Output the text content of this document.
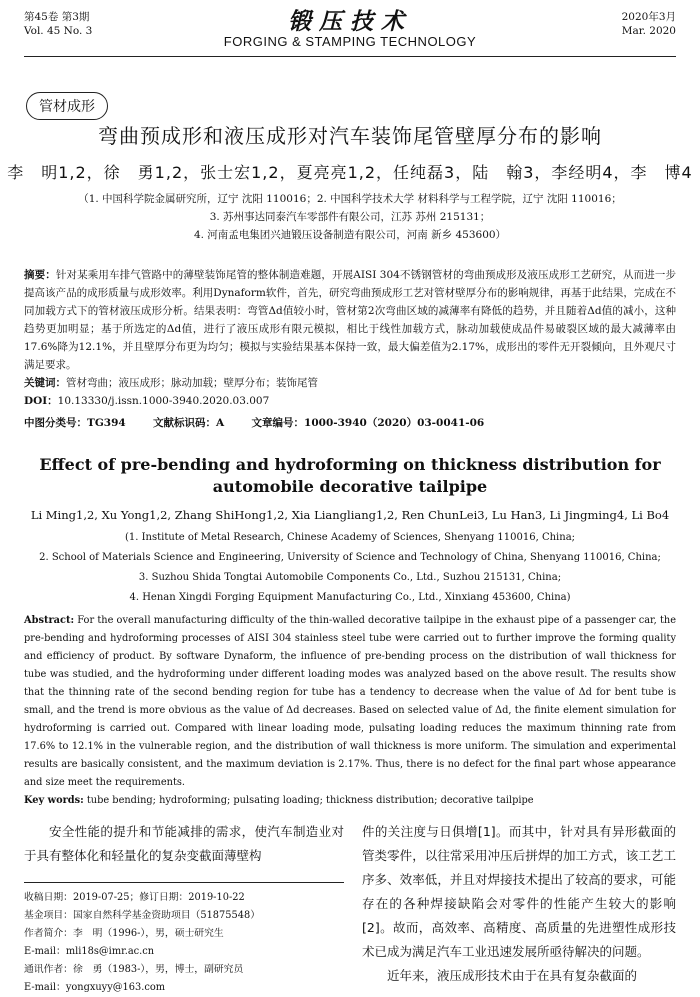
第45卷 第3期
Vol. 45 No. 3	锻压技术
FORGING & STAMPING TECHNOLOGY
2020年3月
Mar. 2020
管材成形
弯曲预成形和液压成形对汽车装饰尾管壁厚分布的影响
李　明1,2，徐　勇1,2，张士宏1,2，夏亮亮1,2，任纯磊3，陆　翰3，李经明4，李　博4
（1. 中国科学院金属研究所，辽宁 沈阳 110016；2. 中国科学技术大学 材料科学与工程学院，辽宁 沈阳 110016；
3. 苏州事达同泰汽车零部件有限公司，江苏 苏州 215131；
4. 河南孟电集团兴迪锻压设备制造有限公司，河南 新乡 453600）
摘要：针对某乘用车排气管路中的薄壁装饰尾管的整体制造难题，开展AISI 304不锈钢管材的弯曲预成形及液压成形工艺研究，从而进一步提高该产品的成形质量与成形效率。利用Dynaform软件，首先，研究弯曲预成形工艺对管材壁厚分布的影响规律，再基于此结果，完成在不同加载方式下的管材液压成形分析。结果表明：弯管Δd值较小时，管材第2次弯曲区域的减薄率有降低的趋势，并且随着Δd值的减小，这种趋势更加明显；基于所选定的Δd值，进行了液压成形有限元模拟，相比于线性加载方式，脉动加载使成品件易破裂区域的最大减薄率由17.6%降为12.1%，并且壁厚分布更为均匀；模拟与实验结果基本保持一致，最大偏差值为2.17%，成形出的零件无开裂倾向，且外观尺寸满足要求。
关键词：管材弯曲；液压成形；脉动加载；壁厚分布；装饰尾管
DOI：10.13330/j.issn.1000-3940.2020.03.007
中图分类号：TG394	文献标识码：A	文章编号：1000-3940（2020）03-0041-06
Effect of pre-bending and hydroforming on thickness distribution for
automobile decorative tailpipe
Li Ming1,2, Xu Yong1,2, Zhang ShiHong1,2, Xia Liangliang1,2, Ren ChunLei3, Lu Han3, Li Jingming4, Li Bo4
(1. Institute of Metal Research, Chinese Academy of Sciences, Shenyang 110016, China;
2. School of Materials Science and Engineering, University of Science and Technology of China, Shenyang 110016, China;
3. Suzhou Shida Tongtai Automobile Components Co., Ltd., Suzhou 215131, China;
4. Henan Xingdi Forging Equipment Manufacturing Co., Ltd., Xinxiang 453600, China)
Abstract: For the overall manufacturing difficulty of the thin-walled decorative tailpipe in the exhaust pipe of a passenger car, the pre-bending and hydroforming processes of AISI 304 stainless steel tube were carried out to further improve the forming quality and efficiency of product. By software Dynaform, the influence of pre-bending process on the distribution of wall thickness for tube was studied, and the hydroforming under different loading modes was analyzed based on the above result. The results show that the thinning rate of the second bending region for tube has a tendency to decrease when the value of Δd for bent tube is small, and the trend is more obvious as the value of Δd decreases. Based on selected value of Δd, the finite element simulation for hydroforming is carried out. Compared with linear loading mode, pulsating loading reduces the maximum thinning rate from 17.6% to 12.1% in the vulnerable region, and the distribution of wall thickness is more uniform. The simulation and experimental results are basically consistent, and the maximum deviation is 2.17%. Thus, there is no defect for the final part whose appearance and size meet the requirements.
Key words: tube bending; hydroforming; pulsating loading; thickness distribution; decorative tailpipe

安全性能的提升和节能减排的需求，使汽车制造业对于具有整体化和轻量化的复杂变截面薄壁构

收稿日期：2019-07-25；修订日期：2019-10-22
基金项目：国家自然科学基金资助项目（51875548）
作者简介：李　明（1996-），男，硕士研究生
E-mail：mli18s@imr.ac.cn
通讯作者：徐　勇（1983-），男，博士，副研究员
E-mail：yongxuyy@163.com

件的关注度与日俱增[1]。而其中，针对具有异形截面的管类零件，以往常采用冲压后拼焊的加工方式，该工艺工序多、效率低，并且对焊接技术提出了较高的要求，可能存在的各种焊接缺陷会对零件的性能产生较大的影响[2]。故而，高效率、高精度、高质量的先进塑性成形技术已成为满足汽车工业迅速发展所亟待解决的问题。

近年来，液压成形技术由于在具有复杂截面的
